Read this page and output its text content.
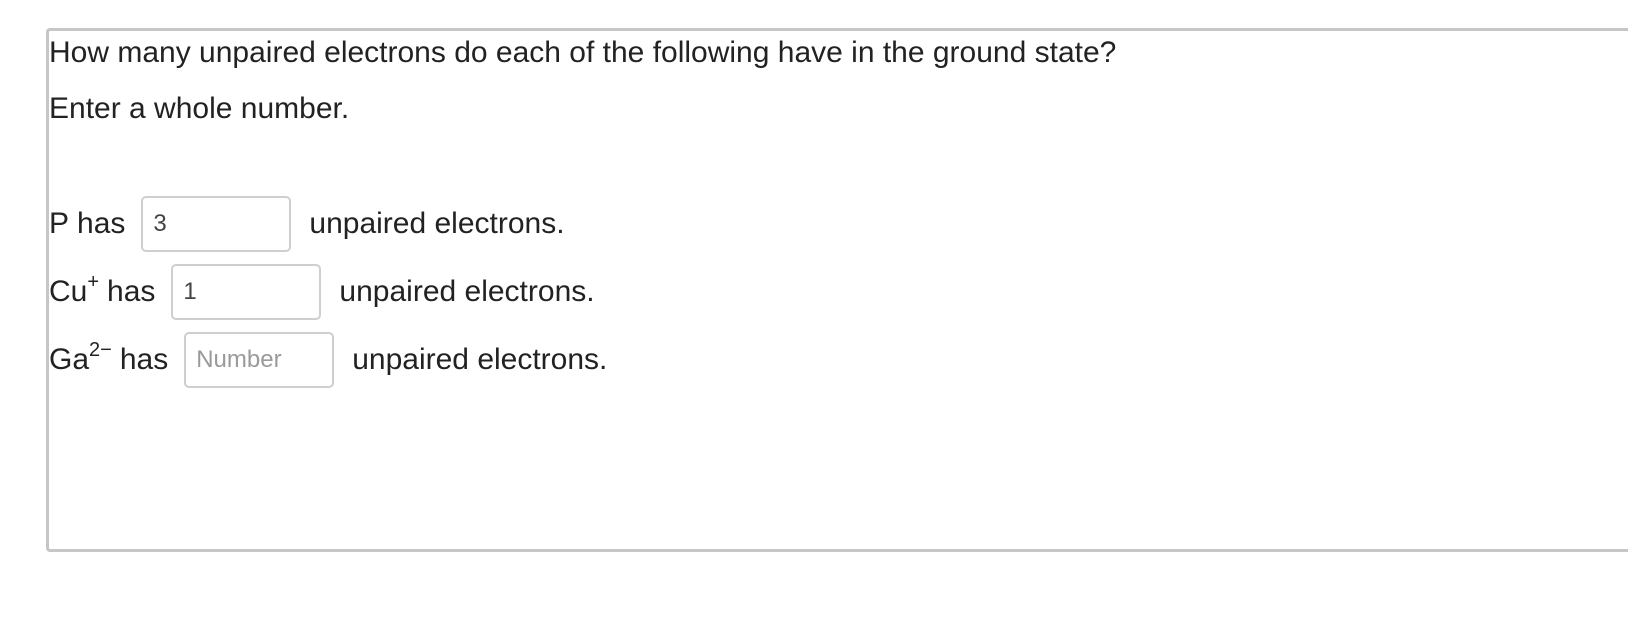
How many unpaired electrons do each of the following have in the ground state?
Enter a whole number.
P has
3	unpaired electrons.
Cu+ has
1	unpaired electrons.
$Ga^{2-}$ has
Number	unpaired electrons.
